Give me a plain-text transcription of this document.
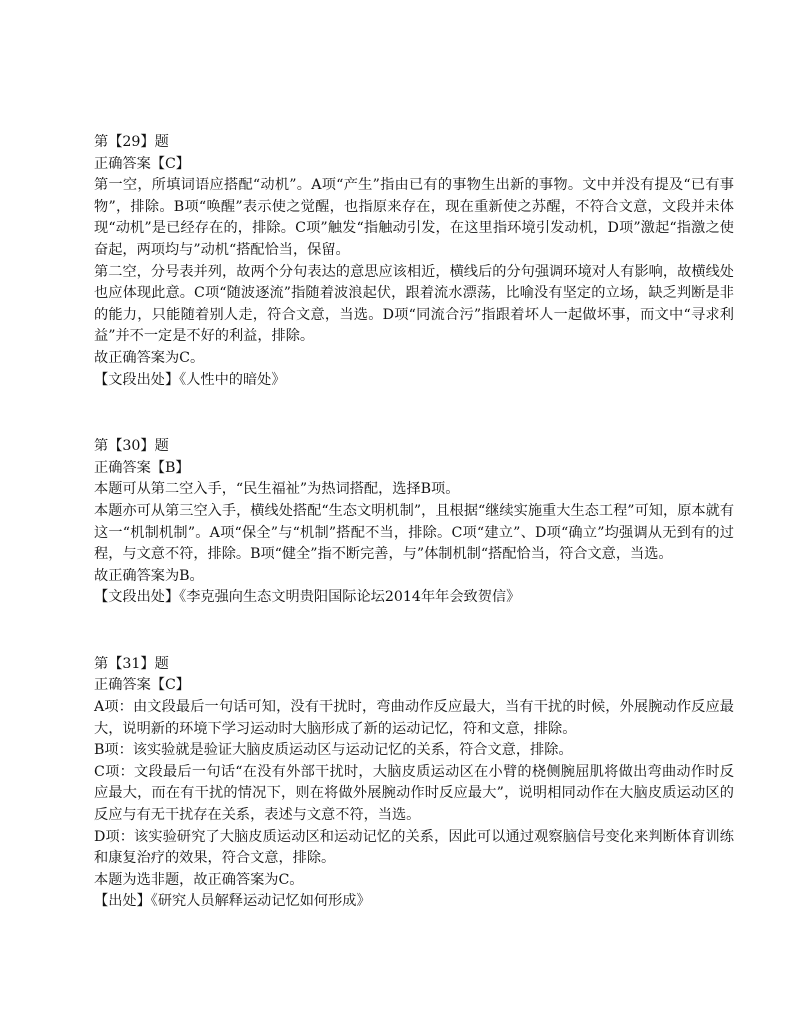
第【29】题

正确答案【C】

第一空，所填词语应搭配“动机”。A项“产生”指由已有的事物生出新的事物。文中并没有提及“已有事物”，排除。B项“唤醒”表示使之觉醒，也指原来存在，现在重新使之苏醒，不符合文意，文段并未体现“动机”是已经存在的，排除。C项”触发“指触动引发，在这里指环境引发动机，D项”激起“指激之使奋起，两项均与”动机“搭配恰当，保留。

第二空，分号表并列，故两个分句表达的意思应该相近，横线后的分句强调环境对人有影响，故横线处也应体现此意。C项“随波逐流”指随着波浪起伏，跟着流水漂荡，比喻没有坚定的立场，缺乏判断是非的能力，只能随着别人走，符合文意，当选。D项“同流合污”指跟着坏人一起做坏事，而文中“寻求利益”并不一定是不好的利益，排除。

故正确答案为C。

【文段出处】《人性中的暗处》

第【30】题

正确答案【B】

本题可从第二空入手，“民生福祉”为热词搭配，选择B项。

本题亦可从第三空入手，横线处搭配“生态文明机制”，且根据“继续实施重大生态工程”可知，原本就有这一“机制机制”。A项“保全”与“机制”搭配不当，排除。C项“建立”、D项“确立”均强调从无到有的过程，与文意不符，排除。B项“健全”指不断完善，与”体制机制“搭配恰当，符合文意，当选。

故正确答案为B。

【文段出处】《李克强向生态文明贵阳国际论坛2014年年会致贺信》

第【31】题

正确答案【C】

A项：由文段最后一句话可知，没有干扰时，弯曲动作反应最大，当有干扰的时候，外展腕动作反应最大，说明新的环境下学习运动时大脑形成了新的运动记忆，符和文意，排除。

B项：该实验就是验证大脑皮质运动区与运动记忆的关系，符合文意，排除。

C项：文段最后一句话“在没有外部干扰时，大脑皮质运动区在小臂的桡侧腕屈肌将做出弯曲动作时反应最大，而在有干扰的情况下，则在将做外展腕动作时反应最大”，说明相同动作在大脑皮质运动区的反应与有无干扰存在关系，表述与文意不符，当选。

D项：该实验研究了大脑皮质运动区和运动记忆的关系，因此可以通过观察脑信号变化来判断体育训练和康复治疗的效果，符合文意，排除。

本题为选非题，故正确答案为C。

【出处】《研究人员解释运动记忆如何形成》
